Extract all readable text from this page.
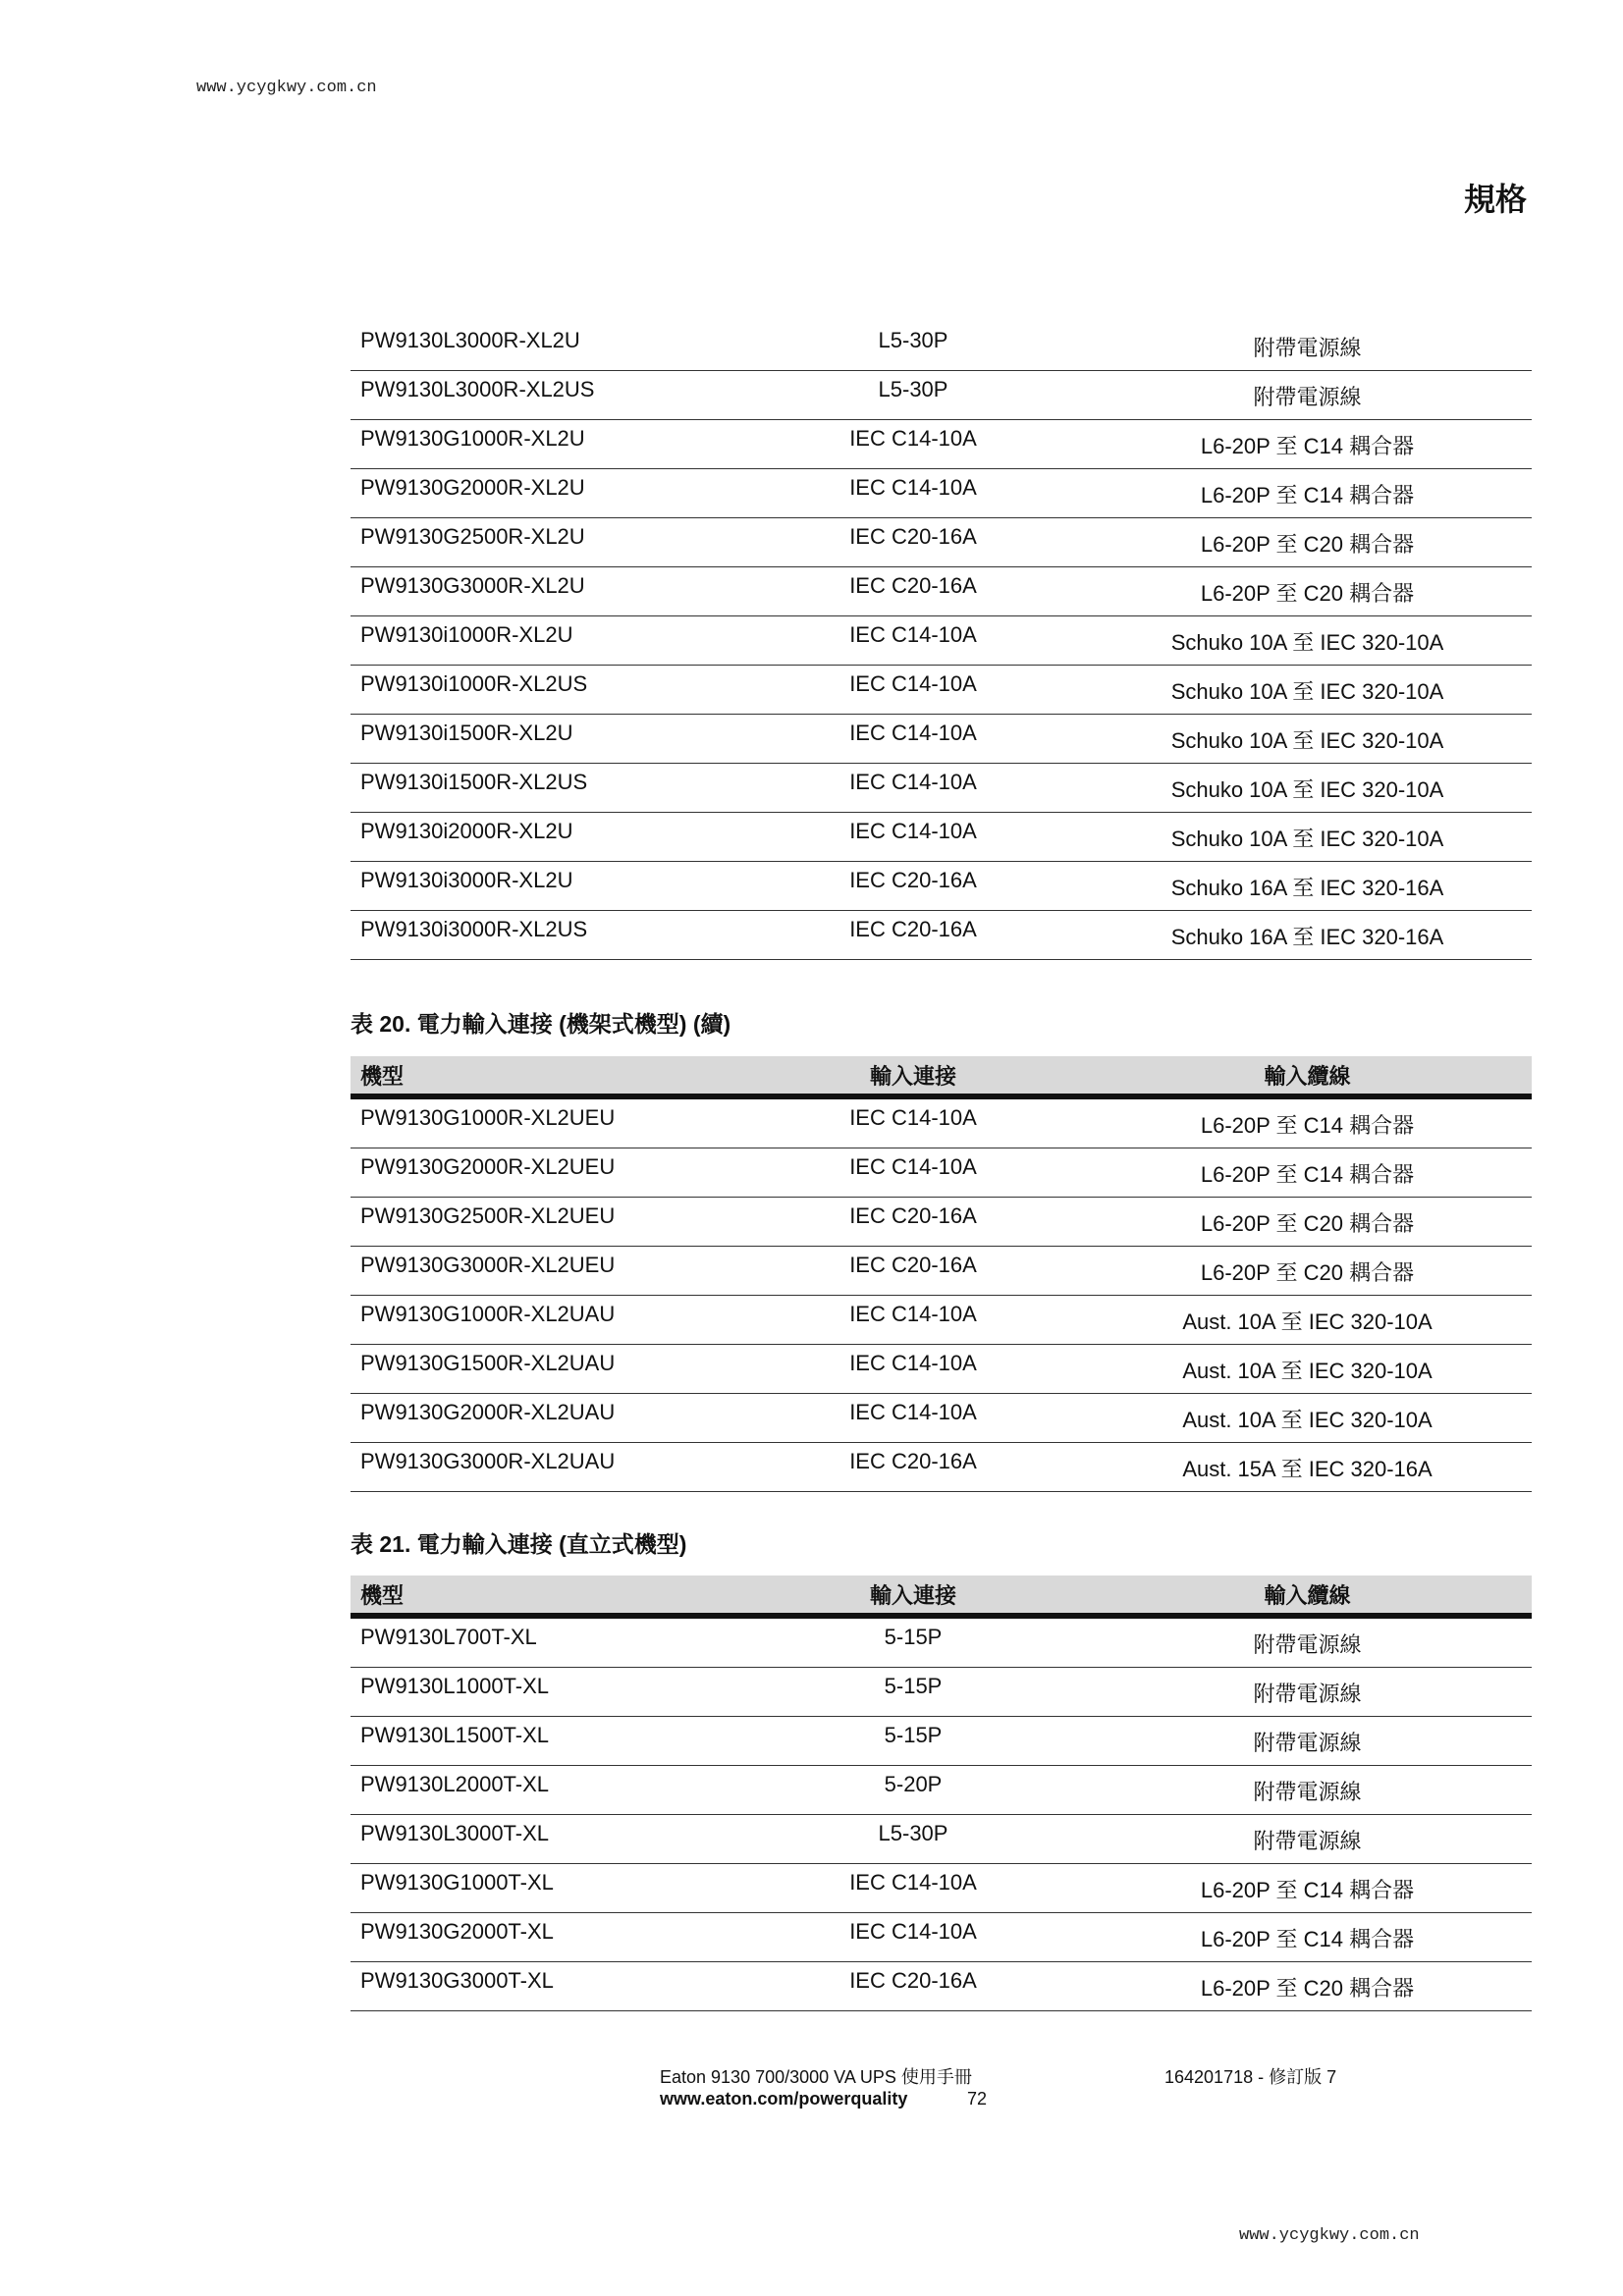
www.ycygkwy.com.cn
規格
PW9130L3000R-XL2U	L5-30P	附帶電源線

PW9130L3000R-XL2US	L5-30P	附帶電源線

PW9130G1000R-XL2U	IEC C14-10A	L6-20P 至 C14 耦合器

PW9130G2000R-XL2U	IEC C14-10A	L6-20P 至 C14 耦合器

PW9130G2500R-XL2U	IEC C20-16A	L6-20P 至 C20 耦合器

PW9130G3000R-XL2U	IEC C20-16A	L6-20P 至 C20 耦合器

PW9130i1000R-XL2U	IEC C14-10A	Schuko 10A 至 IEC 320-10A

PW9130i1000R-XL2US	IEC C14-10A	Schuko 10A 至 IEC 320-10A

PW9130i1500R-XL2U	IEC C14-10A	Schuko 10A 至 IEC 320-10A

PW9130i1500R-XL2US	IEC C14-10A	Schuko 10A 至 IEC 320-10A

PW9130i2000R-XL2U	IEC C14-10A	Schuko 10A 至 IEC 320-10A

PW9130i3000R-XL2U	IEC C20-16A	Schuko 16A 至 IEC 320-16A

PW9130i3000R-XL2US	IEC C20-16A	Schuko 16A 至 IEC 320-16A
表 20. 電力輸入連接 (機架式機型) (續)
機型	輸入連接	輸入纜線

PW9130G1000R-XL2UEU	IEC C14-10A	L6-20P 至 C14 耦合器

PW9130G2000R-XL2UEU	IEC C14-10A	L6-20P 至 C14 耦合器

PW9130G2500R-XL2UEU	IEC C20-16A	L6-20P 至 C20 耦合器

PW9130G3000R-XL2UEU	IEC C20-16A	L6-20P 至 C20 耦合器

PW9130G1000R-XL2UAU	IEC C14-10A	Aust. 10A 至 IEC 320-10A

PW9130G1500R-XL2UAU	IEC C14-10A	Aust. 10A 至 IEC 320-10A

PW9130G2000R-XL2UAU	IEC C14-10A	Aust. 10A 至 IEC 320-10A

PW9130G3000R-XL2UAU	IEC C20-16A	Aust. 15A 至 IEC 320-16A
表 21. 電力輸入連接 (直立式機型)
機型	輸入連接	輸入纜線

PW9130L700T-XL	5-15P	附帶電源線

PW9130L1000T-XL	5-15P	附帶電源線

PW9130L1500T-XL	5-15P	附帶電源線

PW9130L2000T-XL	5-20P	附帶電源線

PW9130L3000T-XL	L5-30P	附帶電源線

PW9130G1000T-XL	IEC C14-10A	L6-20P 至 C14 耦合器

PW9130G2000T-XL	IEC C14-10A	L6-20P 至 C14 耦合器

PW9130G3000T-XL	IEC C20-16A	L6-20P 至 C20 耦合器
Eaton 9130 700/3000 VA UPS 使用手冊	164201718 - 修訂版 7
www.eaton.com/powerquality	72
www.ycygkwy.com.cn
